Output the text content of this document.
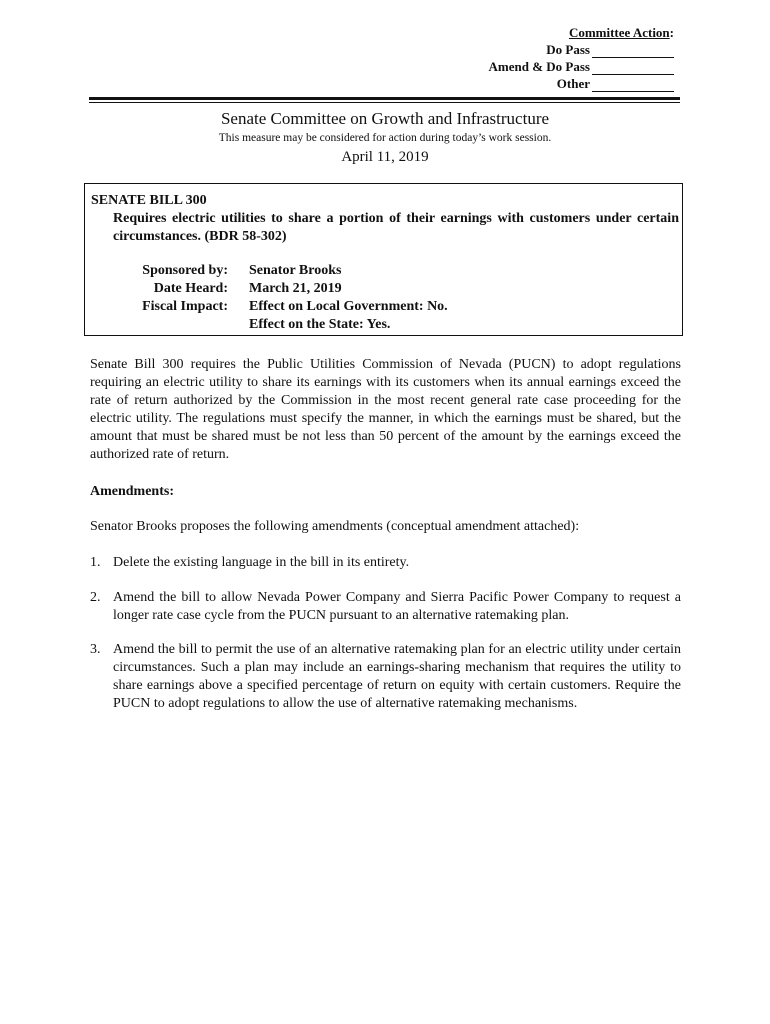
Committee Action:
Do Pass
Amend & Do Pass
Other
Senate Committee on Growth and Infrastructure
This measure may be considered for action during today’s work session.
April 11, 2019
SENATE BILL 300
Requires electric utilities to share a portion of their earnings with customers under certain circumstances. (BDR 58-302)
Sponsored by: Senator Brooks
Date Heard: March 21, 2019
Fiscal Impact: Effect on Local Government: No.
Effect on the State: Yes.
Senate Bill 300 requires the Public Utilities Commission of Nevada (PUCN) to adopt regulations requiring an electric utility to share its earnings with its customers when its annual earnings exceed the rate of return authorized by the Commission in the most recent general rate case proceeding for the electric utility. The regulations must specify the manner, in which the earnings must be shared, but the amount that must be shared must be not less than 50 percent of the amount by the earnings exceed the authorized rate of return.
Amendments:
Senator Brooks proposes the following amendments (conceptual amendment attached):
1. Delete the existing language in the bill in its entirety.
2. Amend the bill to allow Nevada Power Company and Sierra Pacific Power Company to request a longer rate case cycle from the PUCN pursuant to an alternative ratemaking plan.
3. Amend the bill to permit the use of an alternative ratemaking plan for an electric utility under certain circumstances. Such a plan may include an earnings-sharing mechanism that requires the utility to share earnings above a specified percentage of return on equity with certain customers. Require the PUCN to adopt regulations to allow the use of alternative ratemaking mechanisms.
